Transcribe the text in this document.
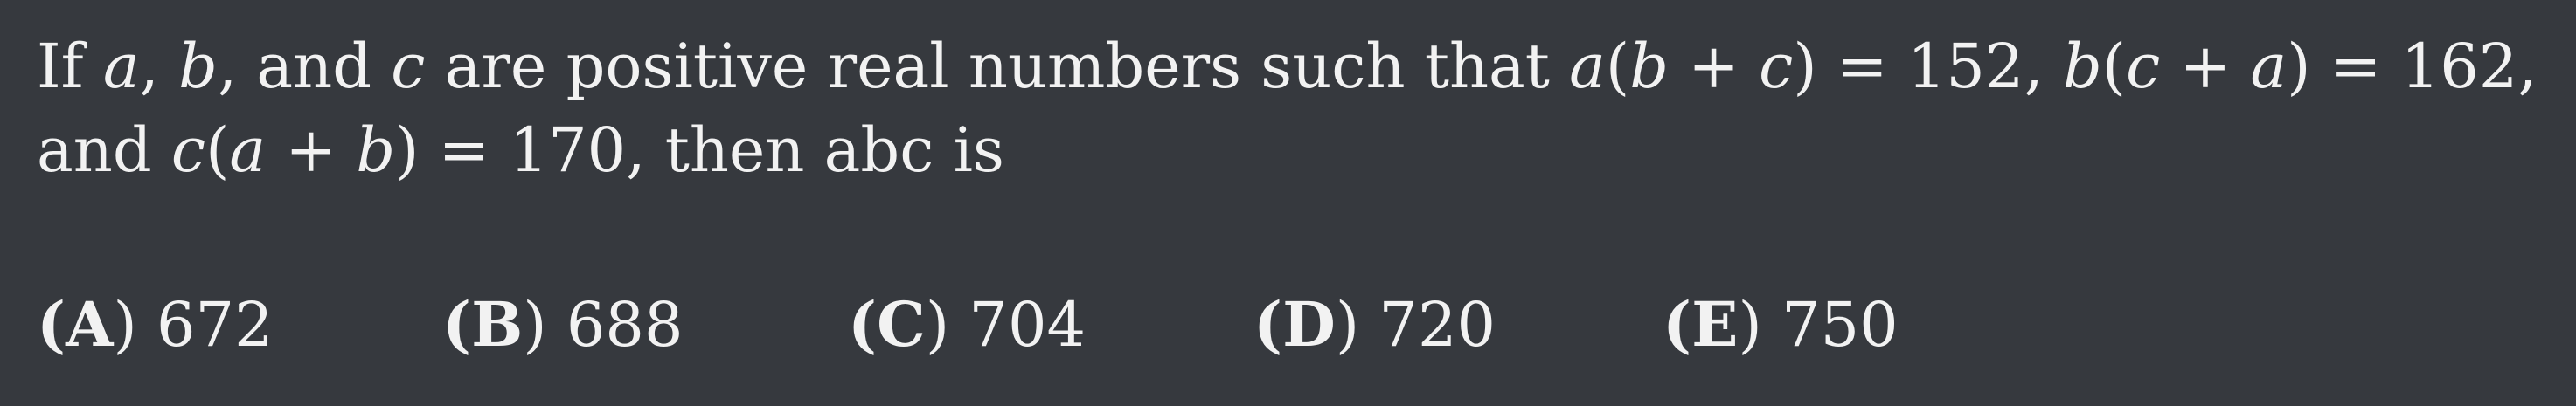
If a, b, and c are positive real numbers such that a(b + c) = 152, b(c + a) = 162,
and c(a + b) = 170, then abc is
(A) 672	(B) 688	(C) 704	(D) 720	(E) 750
